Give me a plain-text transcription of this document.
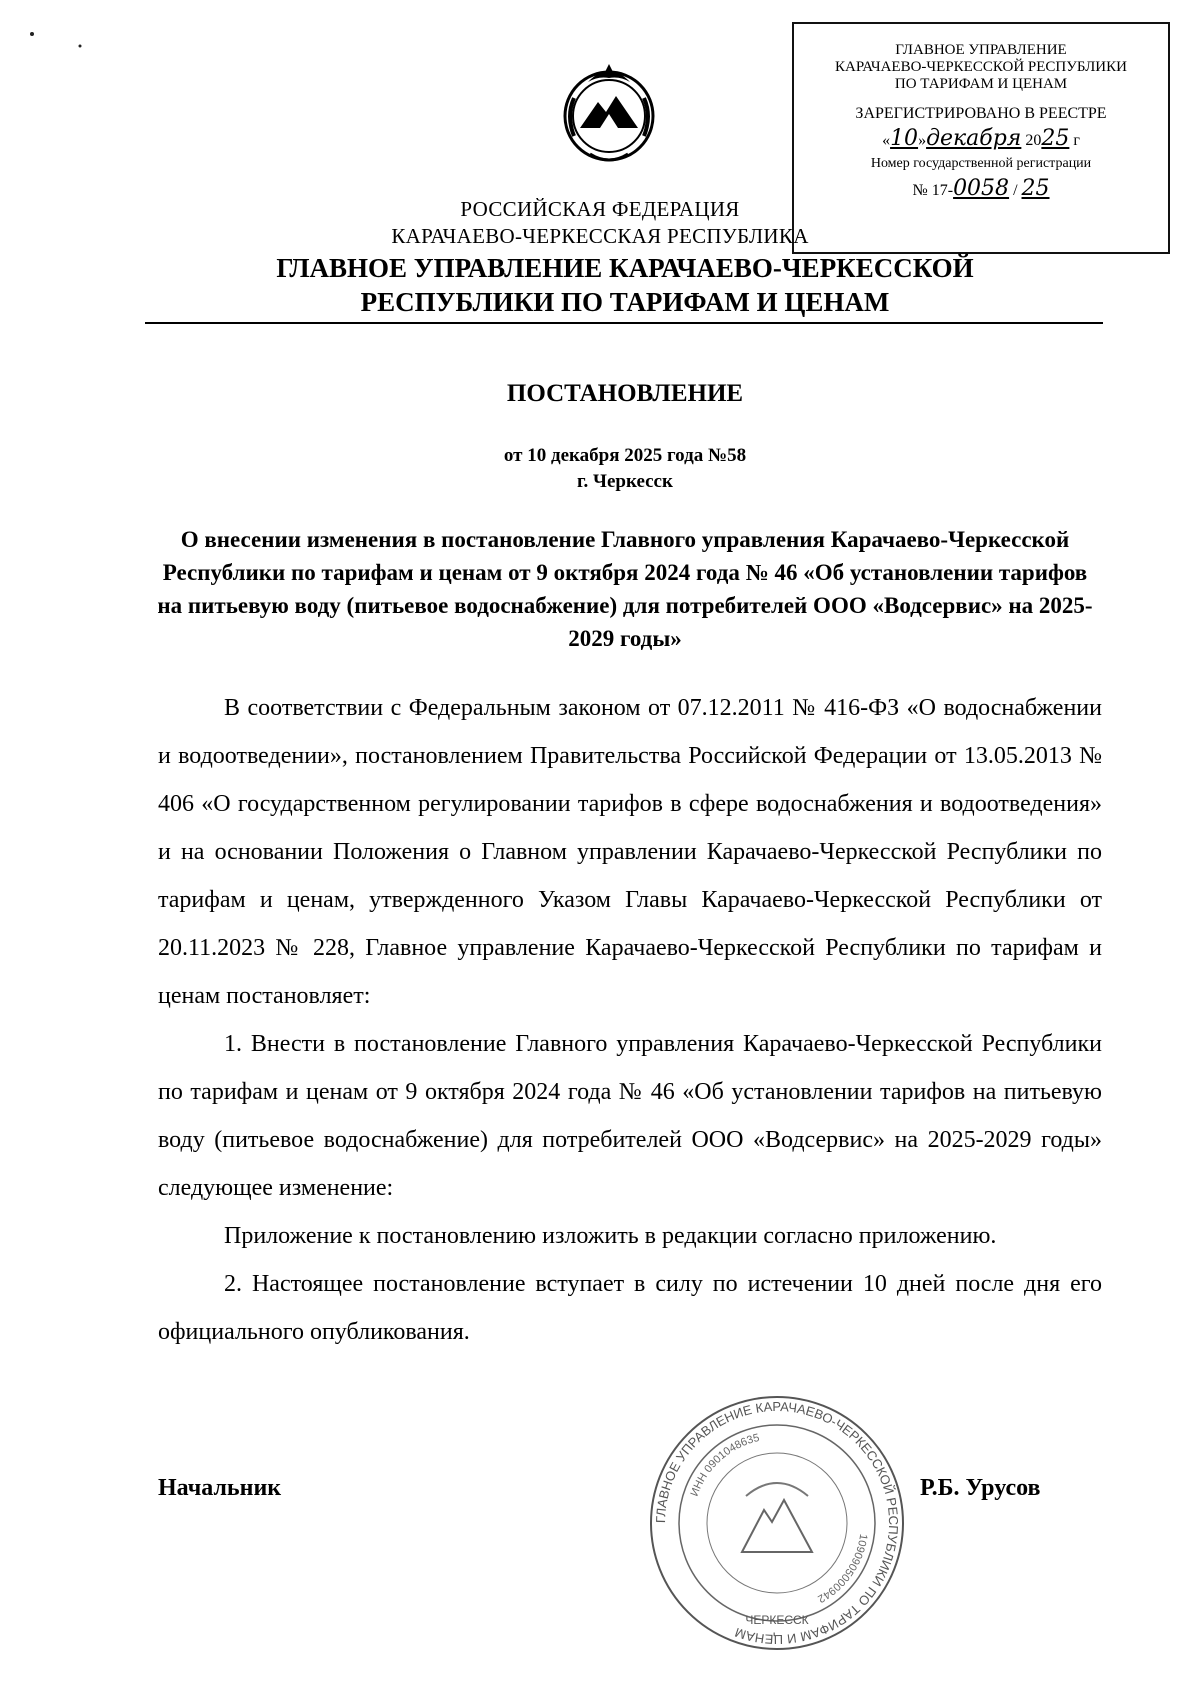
ГЛАВНОЕ УПРАВЛЕНИЕ
КАРАЧАЕВО-ЧЕРКЕССКОЙ РЕСПУБЛИКИ
ПО ТАРИФАМ И ЦЕНАМ
ЗАРЕГИСТРИРОВАНО В РЕЕСТРЕ
«10»декабря 2025 г
Номер государственной регистрации
№ 17-0058 / 25
РОССИЙСКАЯ ФЕДЕРАЦИЯ
КАРАЧАЕВО-ЧЕРКЕССКАЯ РЕСПУБЛИКА
ГЛАВНОЕ УПРАВЛЕНИЕ КАРАЧАЕВО-ЧЕРКЕССКОЙ
РЕСПУБЛИКИ ПО ТАРИФАМ И ЦЕНАМ
ПОСТАНОВЛЕНИЕ
от 10 декабря 2025 года №58
г. Черкесск
О внесении изменения в постановление Главного управления Карачаево-Черкесской Республики по тарифам и ценам от 9 октября 2024 года № 46 «Об установлении тарифов на питьевую воду (питьевое водоснабжение) для потребителей ООО «Водсервис» на 2025-2029 годы»

В соответствии с Федеральным законом от 07.12.2011 № 416-ФЗ «О водоснабжении и водоотведении», постановлением Правительства Российской Федерации от 13.05.2013 № 406 «О государственном регулировании тарифов в сфере водоснабжения и водоотведения» и на основании Положения о Главном управлении Карачаево-Черкесской Республики по тарифам и ценам, утвержденного Указом Главы Карачаево-Черкесской Республики от 20.11.2023 № 228, Главное управление Карачаево-Черкесской Республики по тарифам и ценам постановляет:

1. Внести в постановление Главного управления Карачаево-Черкесской Республики по тарифам и ценам от 9 октября 2024 года № 46 «Об установлении тарифов на питьевую воду (питьевое водоснабжение) для потребителей ООО «Водсервис» на 2025-2029 годы» следующее изменение:

Приложение к постановлению изложить в редакции согласно приложению.

2. Настоящее постановление вступает в силу по истечении 10 дней после дня его официального опубликования.

ГЛАВНОЕ УПРАВЛЕНИЕ КАРАЧАЕВО-ЧЕРКЕССКОЙ РЕСПУБЛИКИ ПО ТАРИФАМ И ЦЕНАМ
ИНН 0901048635
1090905000942
ЧЕРКЕССК
Начальник	Р.Б. Урусов
